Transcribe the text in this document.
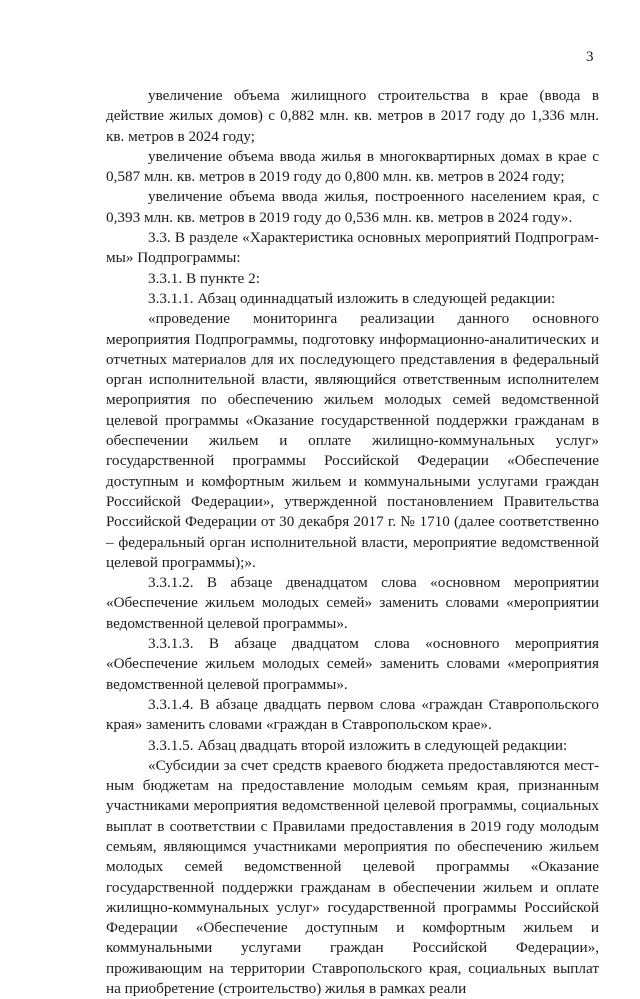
3

увеличение объема жилищного строительства в крае (ввода в действие жилых домов) с 0,882 млн. кв. метров в 2017 году до 1,336 млн. кв. метров в 2024 году;

увеличение объема ввода жилья в многоквартирных домах в крае с 0,587 млн. кв. метров в 2019 году до 0,800 млн. кв. метров в 2024 году;

увеличение объема ввода жилья, построенного населением края, с 0,393 млн. кв. метров в 2019 году до 0,536 млн. кв. метров в 2024 году».

3.3. В разделе «Характеристика основных мероприятий Подпрограммы» Подпрограммы:

3.3.1. В пункте 2:

3.3.1.1. Абзац одиннадцатый изложить в следующей редакции:

«проведение мониторинга реализации данного основного мероприятия Подпрограммы, подготовку информационно-аналитических и отчетных материалов для их последующего представления в федеральный орган исполнительной власти, являющийся ответственным исполнителем мероприятия по обеспечению жильем молодых семей ведомственной целевой программы «Оказание государственной поддержки гражданам в обеспечении жильем и оплате жилищно-коммунальных услуг» государственной программы Российской Федерации «Обеспечение доступным и комфортным жильем и коммунальными услугами граждан Российской Федерации», утвержденной постановлением Правительства Российской Федерации от 30 декабря 2017 г. № 1710 (далее соответственно – федеральный орган исполнительной власти, мероприятие ведомственной целевой программы);».

3.3.1.2. В абзаце двенадцатом слова «основном мероприятии «Обеспечение жильем молодых семей» заменить словами «мероприятии ведомственной целевой программы».

3.3.1.3. В абзаце двадцатом слова «основного мероприятия «Обеспечение жильем молодых семей» заменить словами «мероприятия ведомственной целевой программы».

3.3.1.4. В абзаце двадцать первом слова «граждан Ставропольского края» заменить словами «граждан в Ставропольском крае».

3.3.1.5. Абзац двадцать второй изложить в следующей редакции:

«Субсидии за счет средств краевого бюджета предоставляются местным бюджетам на предоставление молодым семьям края, признанным участниками мероприятия ведомственной целевой программы, социальных выплат в соответствии с Правилами предоставления в 2019 году молодым семьям, являющимся участниками мероприятия по обеспечению жильем молодых семей ведомственной целевой программы «Оказание государственной поддержки гражданам в обеспечении жильем и оплате жилищно-коммунальных услуг» государственной программы Российской Федерации «Обеспечение доступным и комфортным жильем и коммунальными услугами граждан Российской Федерации», проживающим на территории Ставропольского края, социальных выплат на приобретение (строительство) жилья в рамках реали
